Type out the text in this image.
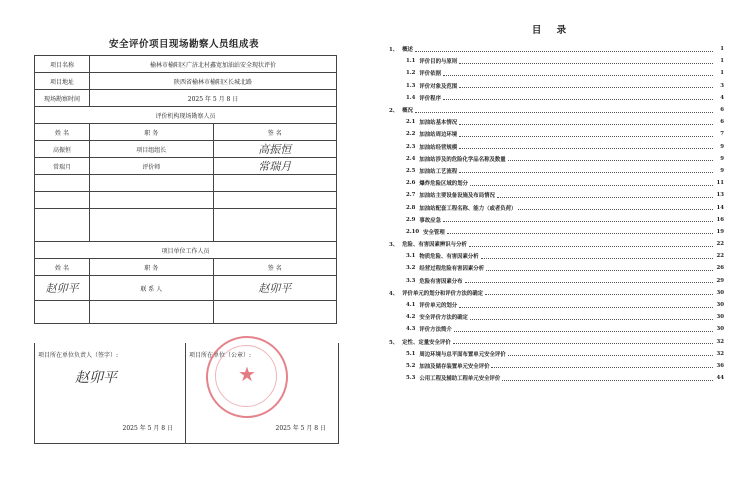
安全评价项目现场勘察人员组成表
项目名称	榆林市榆阳区广济北村鑫宽加油站安全现状评价	
项目地址	陕西省榆林市榆阳区长城北路	
现场勘察时间	2025 年 5 月 8 日	
评价机构现场勘察人员		
姓 名	职 务	签 名
高振恒	项目组组长	高振恒
常瑞月	评价师	常瑞月

项目单位工作人员		
姓 名	职 务	签 名
赵卯平	联 系 人	赵卯平

项目所在单位负责人（签字）:
赵卯平
2025 年 5 月 8 日
项目所在单位（公章）:
2025 年 5 月 8 日
★
目 录
1、 概述	1
1.1 评价目的与原则	1
1.2 评价依据	1
1.3 评价对象及范围	3
1.4 评价程序	4
2、 概况	6
2.1 加油站基本情况	6
2.2 加油站周边环境	7
2.3 加油站经营规模	9
2.4 加油站涉及的危险化学品名称及数量	9
2.5 加油站工艺流程	9
2.6 爆炸危险区域的划分	11
2.7 加油站主要设备设施及布局情况	13
2.8 加油站配套工程名称、能力（或者负荷）	14
2.9 事故应急	16
2.10 安全管理	19
3、 危险、有害因素辨识与分析	22
3.1 物质危险、有害因素分析	22
3.2 经营过程危险有害因素分析	26
3.3 危险有害因素分布	29
4、 评价单元的划分和评价方法的确定	30
4.1 评价单元的划分	30
4.2 安全评价方法的确定	30
4.3 评价方法简介	30
5、 定性、定量安全评价	32
5.1 周边环境与总平面布置单元安全评价	32
5.2 加油及储存装置单元安全评价	36
5.3 公用工程及辅助工程单元安全评价	44
